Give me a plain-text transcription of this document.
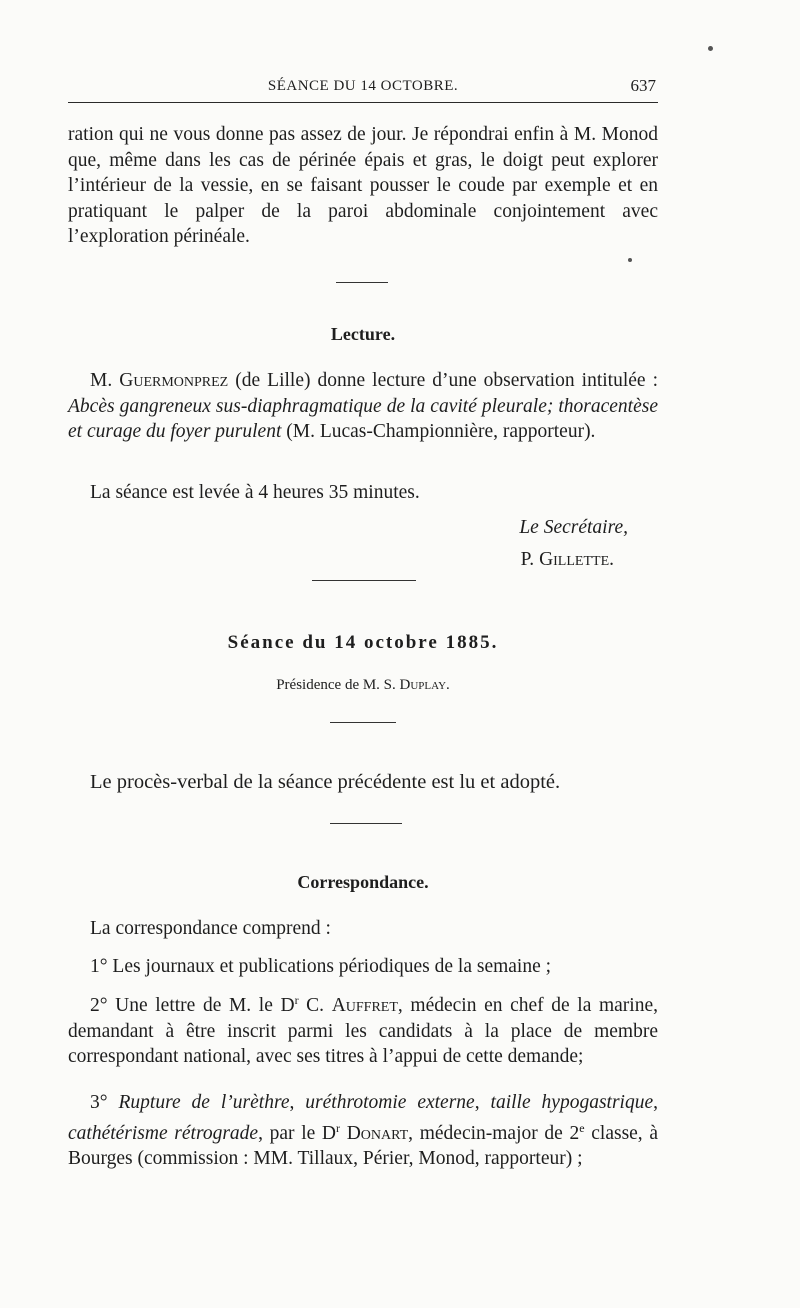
SÉANCE DU 14 OCTOBRE.	637
ration qui ne vous donne pas assez de jour. Je répondrai enfin à M. Monod que, même dans les cas de périnée épais et gras, le doigt peut explorer l’intérieur de la vessie, en se faisant pousser le coude par exemple et en pratiquant le palper de la paroi abdominale conjointement avec l’exploration périnéale.
Lecture.
M. Guermonprez (de Lille) donne lecture d’une observation intitulée : Abcès gangreneux sus-diaphragmatique de la cavité pleurale; thoracentèse et curage du foyer purulent (M. Lucas-Championnière, rapporteur).
La séance est levée à 4 heures 35 minutes.
Le Secrétaire,
P. Gillette.
Séance du 14 octobre 1885.
Présidence de M. S. Duplay.
Le procès-verbal de la séance précédente est lu et adopté.
Correspondance.
La correspondance comprend :
1° Les journaux et publications périodiques de la semaine ;
2° Une lettre de M. le $D^r$ C. Auffret, médecin en chef de la marine, demandant à être inscrit parmi les candidats à la place de membre correspondant national, avec ses titres à l’appui de cette demande;
3° Rupture de l’urèthre, uréthrotomie externe, taille hypogastrique, cathétérisme rétrograde, par le $D^r$ Donart, médecin-major de 2e classe, à Bourges (commission : MM. Tillaux, Périer, Monod, rapporteur) ;
